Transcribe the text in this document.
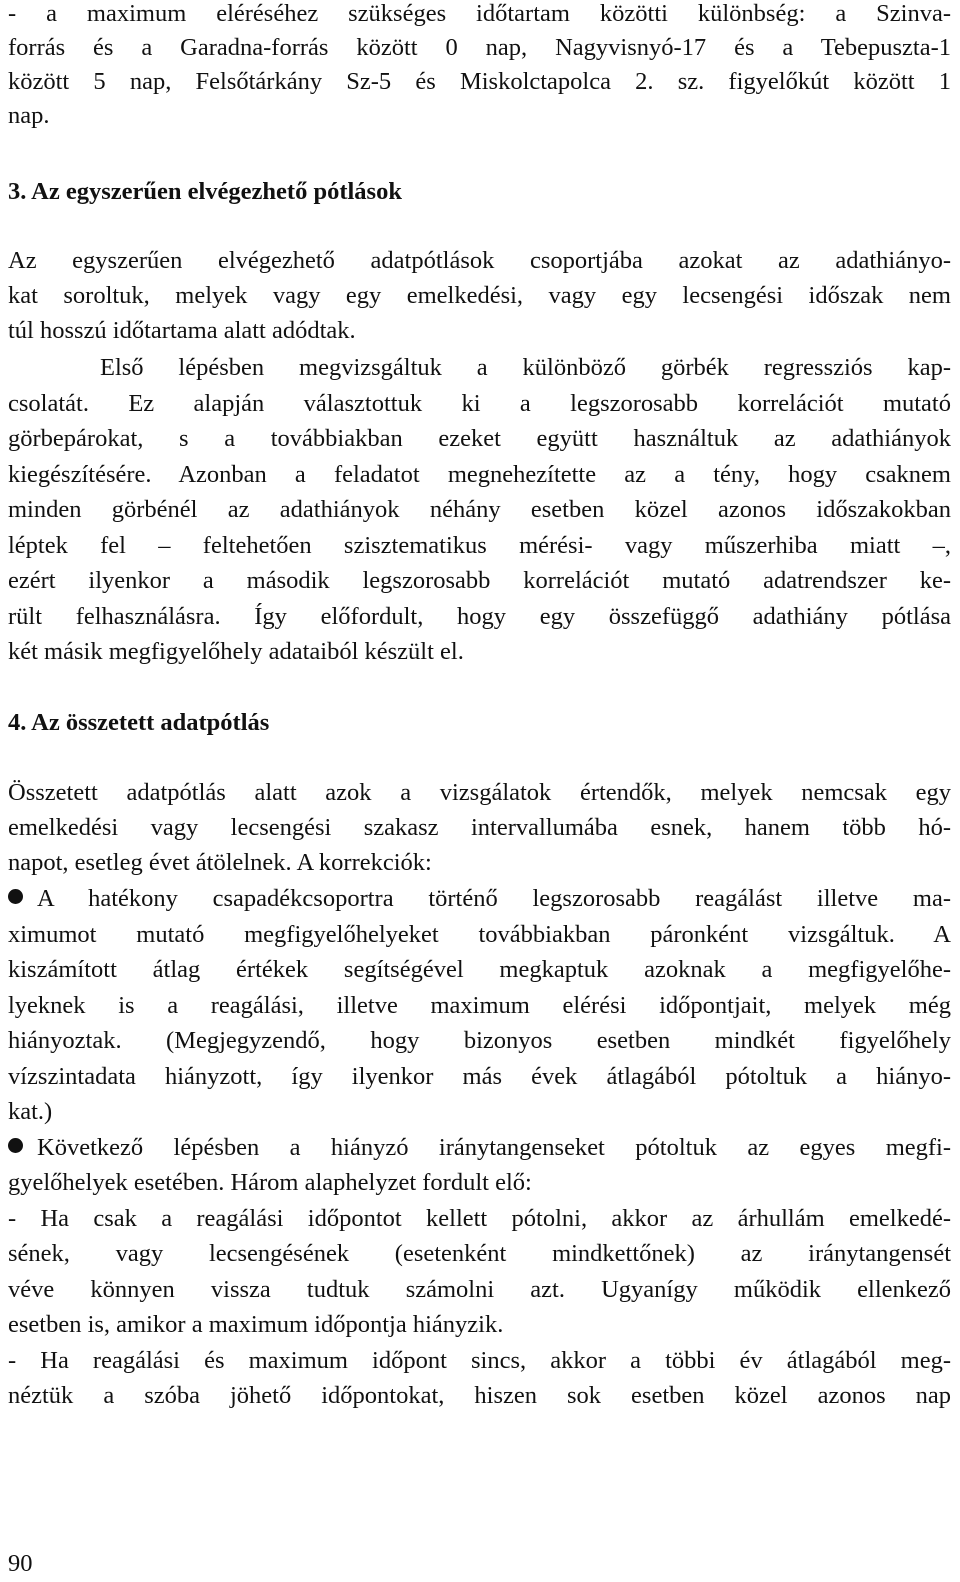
- a maximum eléréséhez szükséges időtartam közötti különbség: a Szinva-
forrás és a Garadna-forrás között 0 nap, Nagyvisnyó-17 és a Tebepuszta-1
között 5 nap, Felsőtárkány Sz-5 és Miskolctapolca 2. sz. figyelőkút között 1
nap.
3. Az egyszerűen elvégezhető pótlások
Az egyszerűen elvégezhető adatpótlások csoportjába azokat az adathiányo-
kat soroltuk, melyek vagy egy emelkedési, vagy egy lecsengési időszak nem
túl hosszú időtartama alatt adódtak.
Első lépésben megvizsgáltuk a különböző görbék regressziós kap-
csolatát. Ez alapján választottuk ki a legszorosabb korrelációt mutató
görbepárokat, s a továbbiakban ezeket együtt használtuk az adathiányok
kiegészítésére. Azonban a feladatot megnehezítette az a tény, hogy csaknem
minden görbénél az adathiányok néhány esetben közel azonos időszakokban
léptek fel – feltehetően szisztematikus mérési- vagy műszerhiba miatt –,
ezért ilyenkor a második legszorosabb korrelációt mutató adatrendszer ke-
rült felhasználásra. Így előfordult, hogy egy összefüggő adathiány pótlása
két másik megfigyelőhely adataiból készült el.
4. Az összetett adatpótlás
Összetett adatpótlás alatt azok a vizsgálatok értendők, melyek nemcsak egy
emelkedési vagy lecsengési szakasz intervallumába esnek, hanem több hó-
napot, esetleg évet átölelnek. A korrekciók:
A hatékony csapadékcsoportra történő legszorosabb reagálást illetve ma-
ximumot mutató megfigyelőhelyeket továbbiakban páronként vizsgáltuk. A
kiszámított átlag értékek segítségével megkaptuk azoknak a megfigyelőhe-
lyeknek is a reagálási, illetve maximum elérési időpontjait, melyek még
hiányoztak. (Megjegyzendő, hogy bizonyos esetben mindkét figyelőhely
vízszintadata hiányzott, így ilyenkor más évek átlagából pótoltuk a hiányo-
kat.)
Következő lépésben a hiányzó iránytangenseket pótoltuk az egyes megfi-
gyelőhelyek esetében. Három alaphelyzet fordult elő:
- Ha csak a reagálási időpontot kellett pótolni, akkor az árhullám emelkedé-
sének, vagy lecsengésének (esetenként mindkettőnek) az iránytangensét
véve könnyen vissza tudtuk számolni azt. Ugyanígy működik ellenkező
esetben is, amikor a maximum időpontja hiányzik.
- Ha reagálási és maximum időpont sincs, akkor a többi év átlagából meg-
néztük a szóba jöhető időpontokat, hiszen sok esetben közel azonos nap
90
